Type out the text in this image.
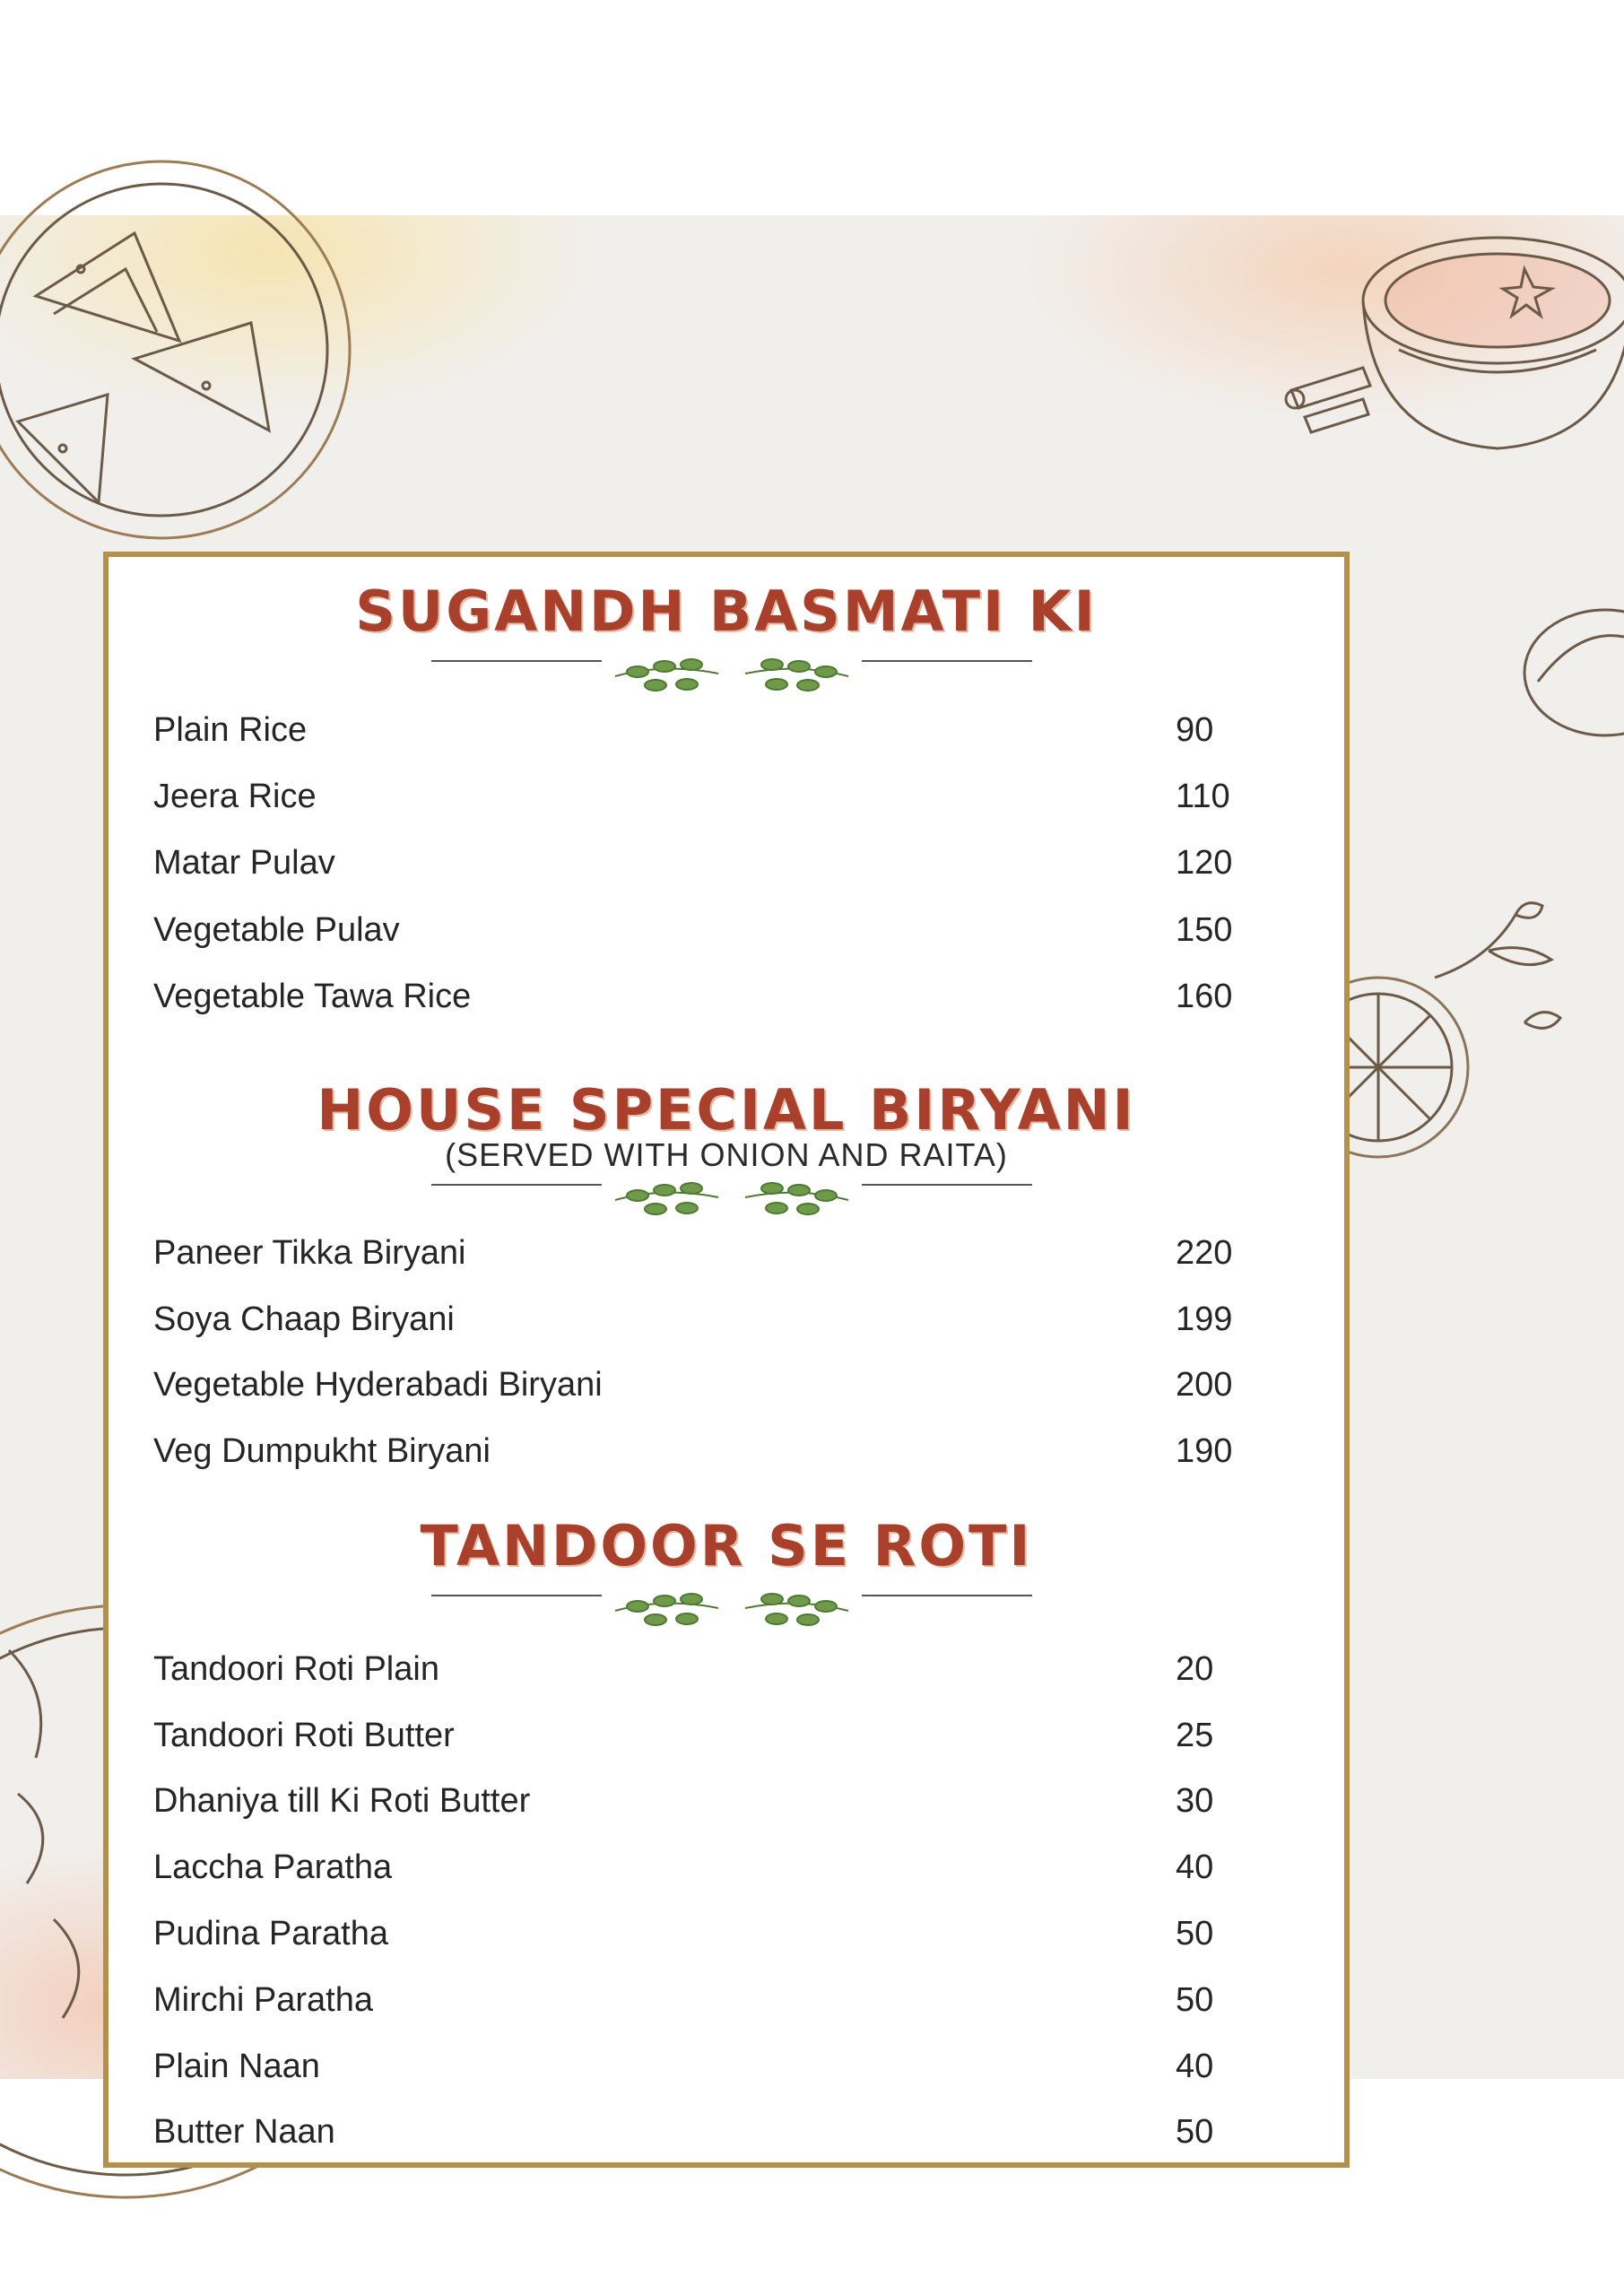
SUGANDH BASMATI KI
Plain Rice	90
Jeera Rice	110
Matar Pulav	120
Vegetable Pulav	150
Vegetable Tawa Rice	160
HOUSE SPECIAL BIRYANI
(SERVED WITH ONION AND RAITA)
Paneer Tikka Biryani	220
Soya Chaap Biryani	199
Vegetable Hyderabadi Biryani	200
Veg Dumpukht Biryani	190
TANDOOR SE ROTI
Tandoori Roti Plain	20
Tandoori Roti Butter	25
Dhaniya till Ki Roti Butter	30
Laccha Paratha	40
Pudina Paratha	50
Mirchi Paratha	50
Plain Naan	40
Butter Naan	50
